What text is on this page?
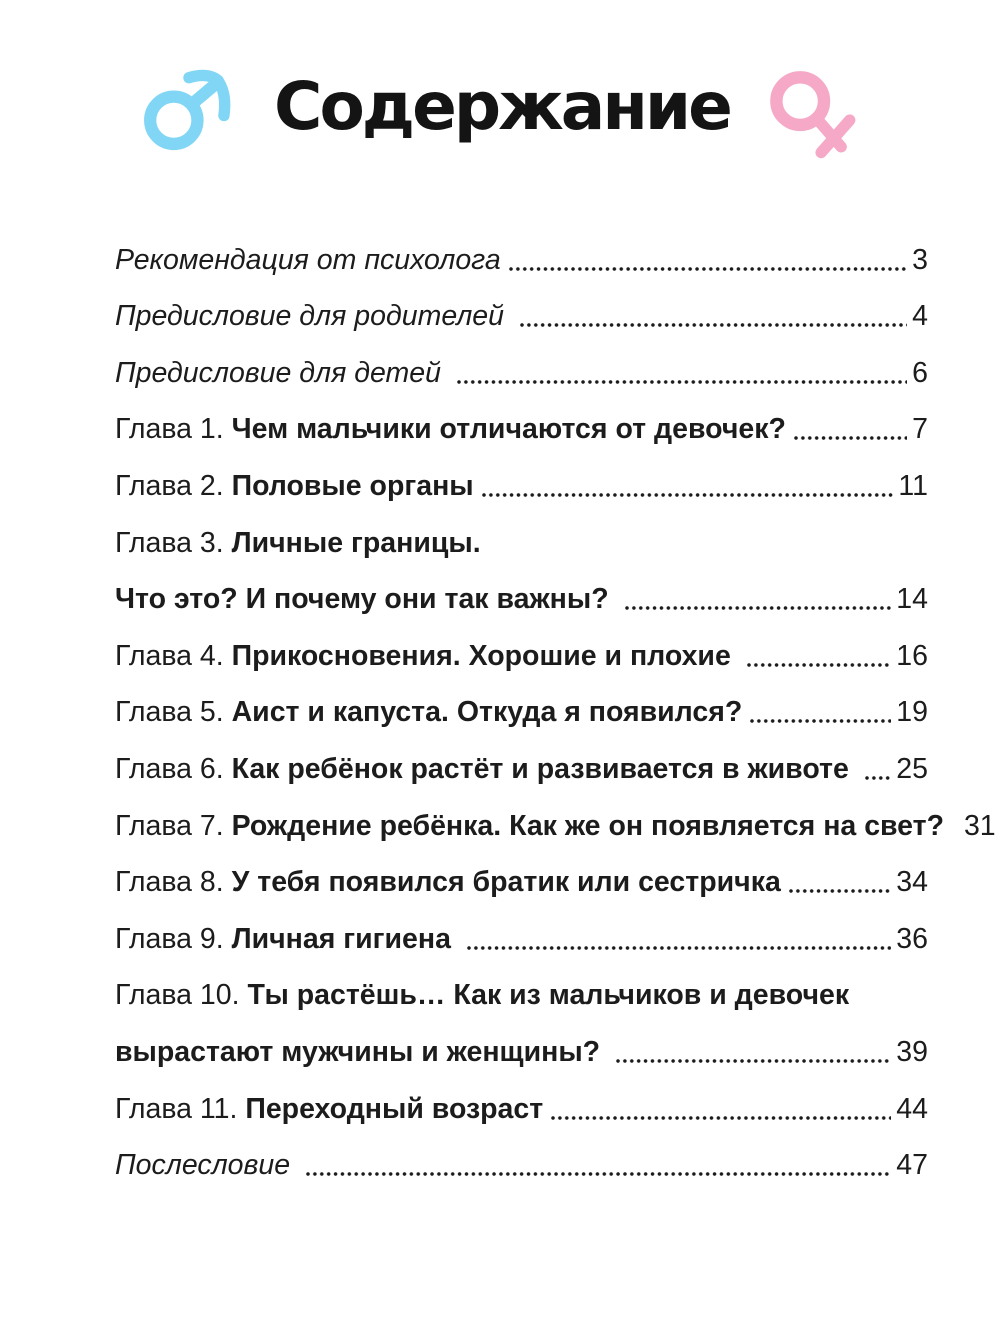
Содержание
Рекомендация от психолога	3
Предисловие для родителей	4
Предисловие для детей	6
Глава 1. Чем мальчики отличаются от девочек?	7
Глава 2. Половые органы	11
Глава 3. Личные границы.
Что это? И почему они так важны?	14
Глава 4. Прикосновения. Хорошие и плохие	16
Глава 5. Аист и капуста. Откуда я появился?	19
Глава 6. Как ребёнок растёт и развивается в животе 25
Глава 7. Рождение ребёнка. Как же он появляется на свет? 31
Глава 8. У тебя появился братик или сестричка	34
Глава 9. Личная гигиена	36
Глава 10. Ты растёшь… Как из мальчиков и девочек
вырастают мужчины и женщины?	39
Глава 11. Переходный возраст	44
Послесловие	47
